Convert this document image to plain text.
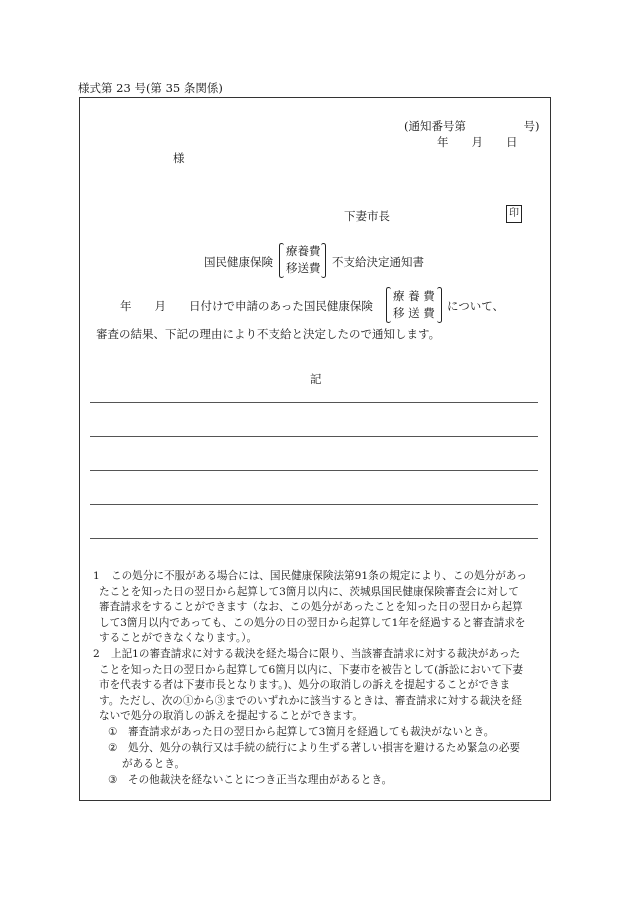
様式第 23 号(第 35 条関係)
(通知番号第　　　　　号)
年　　月　　日
様
下妻市長	印
国民健康保険
療養費
移送費 不支給決定通知書
年　　月　　日付けで申請のあった国民健康保険
療 養 費
移 送 費 について、
審査の結果、下記の理由により不支給と決定したので通知します。
記
1 この処分に不服がある場合には、国民健康保険法第91条の規定により、この処分があっ
たことを知った日の翌日から起算して3箇月以内に、茨城県国民健康保険審査会に対して
審査請求をすることができます（なお、この処分があったことを知った日の翌日から起算
して3箇月以内であっても、この処分の日の翌日から起算して1年を経過すると審査請求を
することができなくなります。）。
2 上記1の審査請求に対する裁決を経た場合に限り、当該審査請求に対する裁決があった
ことを知った日の翌日から起算して6箇月以内に、下妻市を被告として(訴訟において下妻
市を代表する者は下妻市長となります。)、処分の取消しの訴えを提起することができま
す。ただし、次の①から③までのいずれかに該当するときは、審査請求に対する裁決を経
ないで処分の取消しの訴えを提起することができます。
① 審査請求があった日の翌日から起算して3箇月を経過しても裁決がないとき。
② 処分、処分の執行又は手続の続行により生ずる著しい損害を避けるため緊急の必要
があるとき。
③ その他裁決を経ないことにつき正当な理由があるとき。
